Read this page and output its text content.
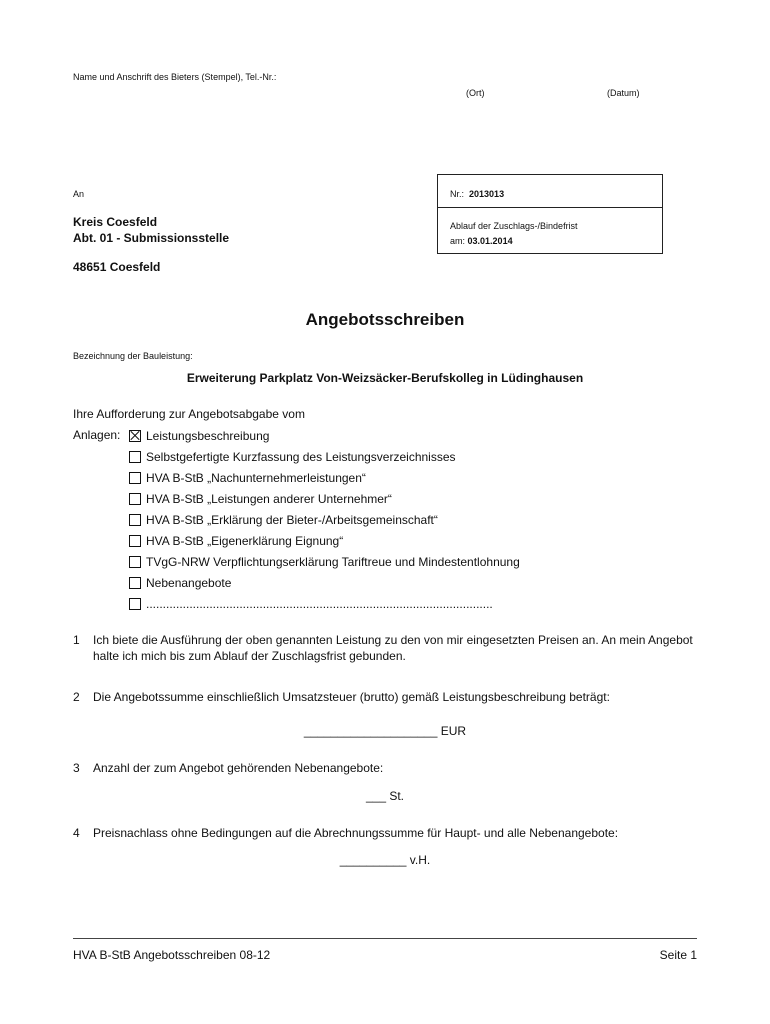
Name und Anschrift des Bieters (Stempel), Tel.-Nr.:
(Ort)	(Datum)
An
Kreis Coesfeld
Abt. 01 - Submissionsstelle
48651 Coesfeld
Nr.: 2013013
Ablauf der Zuschlags-/Bindefrist
am: 03.01.2014
Angebotsschreiben
Bezeichnung der Bauleistung:
Erweiterung Parkplatz Von-Weizsäcker-Berufskolleg in Lüdinghausen
Ihre Aufforderung zur Angebotsabgabe vom
Anlagen: Leistungsbeschreibung
Selbstgefertigte Kurzfassung des Leistungsverzeichnisses
HVA B-StB „Nachunternehmerleistungen“
HVA B-StB „Leistungen anderer Unternehmer“
HVA B-StB „Erklärung der Bieter-/Arbeitsgemeinschaft“
HVA B-StB „Eigenerklärung Eignung“
TVgG-NRW Verpflichtungserklärung Tariftreue und Mindestentlohnung
Nebenangebote
........................................................................................................
1 Ich biete die Ausführung der oben genannten Leistung zu den von mir eingesetzten Preisen an. An mein Angebot halte ich mich bis zum Ablauf der Zuschlagsfrist gebunden.
2 Die Angebotssumme einschließlich Umsatzsteuer (brutto) gemäß Leistungsbeschreibung beträgt:
____________________ EUR
3 Anzahl der zum Angebot gehörenden Nebenangebote:
___ St.
4 Preisnachlass ohne Bedingungen auf die Abrechnungssumme für Haupt- und alle Nebenangebote:
__________ v.H.
HVA B-StB Angebotsschreiben 08-12	Seite 1
